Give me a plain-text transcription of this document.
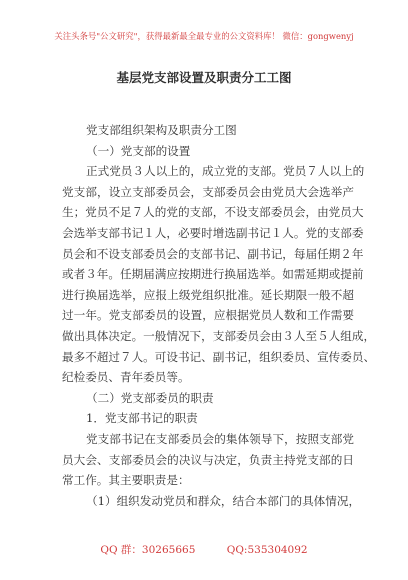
关注头条号"公文研究"，获得最新最全最专业的公文资料库！ 微信：gongwenyj
基层党支部设置及职责分工工图
党支部组织架构及职责分工图
（一）党支部的设置
正式党员３人以上的，成立党的支部。党员７人以上的
党支部，设立支部委员会，支部委员会由党员大会选举产
生；党员不足７人的党的支部，不设支部委员会，由党员大
会选举支部书记１人，必要时增选副书记１人。党的支部委
员会和不设支部委员会的支部书记、副书记，每届任期２年
或者３年。任期届满应按期进行换届选举。如需延期或提前
进行换届选举，应报上级党组织批准。延长期限一般不超
过一年。党支部委员的设置，应根据党员人数和工作需要
做出具体决定。一般情况下，支部委员会由３人至５人组成，
最多不超过７人。可设书记、副书记，组织委员、宣传委员、
纪检委员、青年委员等。
（二）党支部委员的职责
1．党支部书记的职责
党支部书记在支部委员会的集体领导下，按照支部党
员大会、支部委员会的决议与决定，负责主持党支部的日
常工作。其主要职责是：
（1）组织发动党员和群众，结合本部门的具体情况，
QQ 群：30265665	QQ:535304092
